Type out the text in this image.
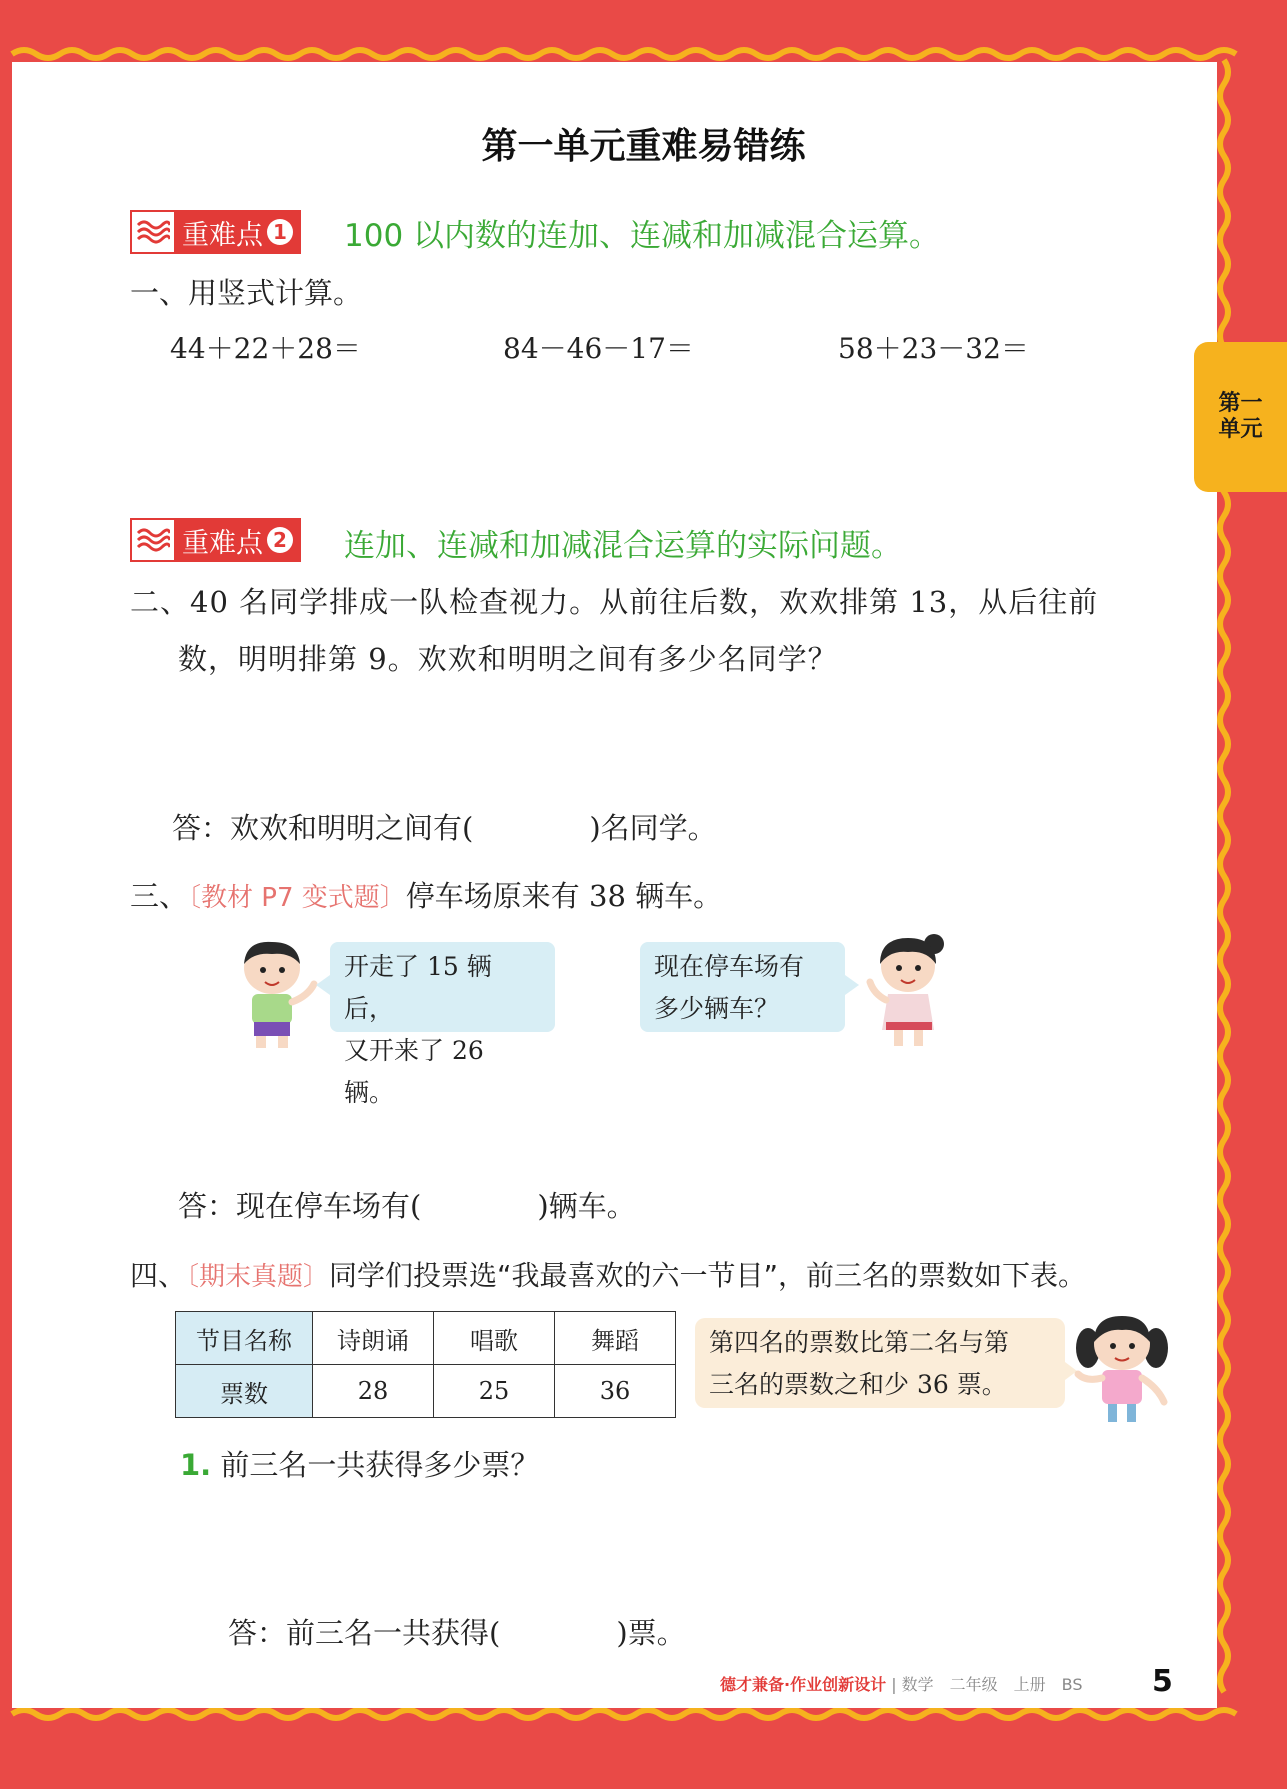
第一
单元
第一单元重难易错练
重难点 1 100 以内数的连加、连减和加减混合运算。
一、用竖式计算。
44＋22＋28＝	84－46－17＝	58＋23－32＝
重难点 2 连加、连减和加减混合运算的实际问题。
二、40 名同学排成一队检查视力。从前往后数，欢欢排第 13，从后往前
数，明明排第 9。欢欢和明明之间有多少名同学？
答：欢欢和明明之间有(　　　　)名同学。
三、〔教材 P7 变式题〕停车场原来有 38 辆车。
开走了 15 辆后，
又开来了 26 辆。
现在停车场有
多少辆车？
答：现在停车场有(　　　　)辆车。
四、〔期末真题〕同学们投票选“我最喜欢的六一节目”，前三名的票数如下表。
节目名称	诗朗诵	唱歌	舞蹈
票数	28	25	36
第四名的票数比第二名与第
三名的票数之和少 36 票。
1. 前三名一共获得多少票？
答：前三名一共获得(　　　　)票。
德才兼备·作业创新设计 | 数学　二年级　上册　BS	5
